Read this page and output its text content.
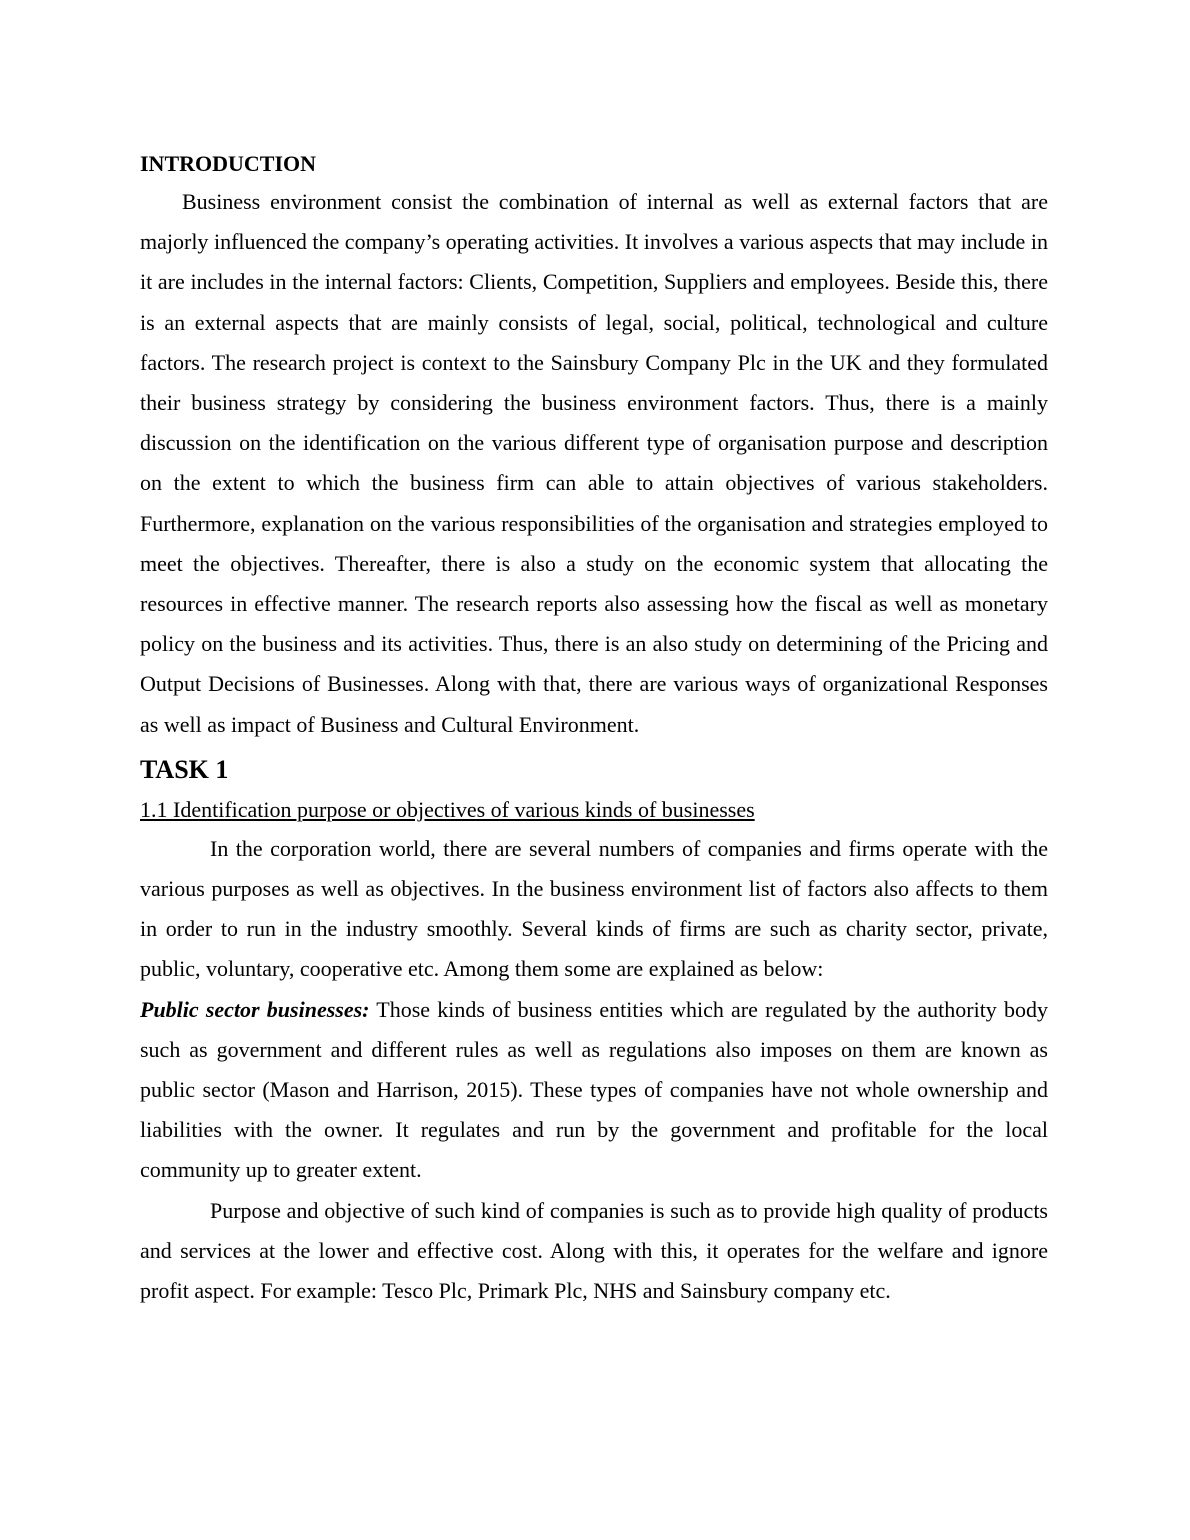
INTRODUCTION

Business environment consist the combination of internal as well as external factors that are majorly influenced the company’s operating activities. It involves a various aspects that may include in it are includes in the internal factors: Clients, Competition, Suppliers and employees. Beside this, there is an external aspects that are mainly consists of legal, social, political, technological and culture factors. The research project is context to the Sainsbury Company Plc in the UK and they formulated their business strategy by considering the business environment factors. Thus, there is a mainly discussion on the identification on the various different type of organisation purpose and description on the extent to which the business firm can able to attain objectives of various stakeholders. Furthermore, explanation on the various responsibilities of the organisation and strategies employed to meet the objectives. Thereafter, there is also a study on the economic system that allocating the resources in effective manner. The research reports also assessing how the fiscal as well as monetary policy on the business and its activities. Thus, there is an also study on determining of the Pricing and Output Decisions of Businesses. Along with that, there are various ways of organizational Responses as well as impact of Business and Cultural Environment.

TASK 1
1.1 Identification purpose or objectives of various kinds of businesses

In the corporation world, there are several numbers of companies and firms operate with the various purposes as well as objectives. In the business environment list of factors also affects to them in order to run in the industry smoothly. Several kinds of firms are such as charity sector, private, public, voluntary, cooperative etc. Among them some are explained as below:

Public sector businesses: Those kinds of business entities which are regulated by the authority body such as government and different rules as well as regulations also imposes on them are known as public sector (Mason and Harrison, 2015). These types of companies have not whole ownership and liabilities with the owner. It regulates and run by the government and profitable for the local community up to greater extent.

Purpose and objective of such kind of companies is such as to provide high quality of products and services at the lower and effective cost. Along with this, it operates for the welfare and ignore profit aspect. For example: Tesco Plc, Primark Plc, NHS and Sainsbury company etc.
